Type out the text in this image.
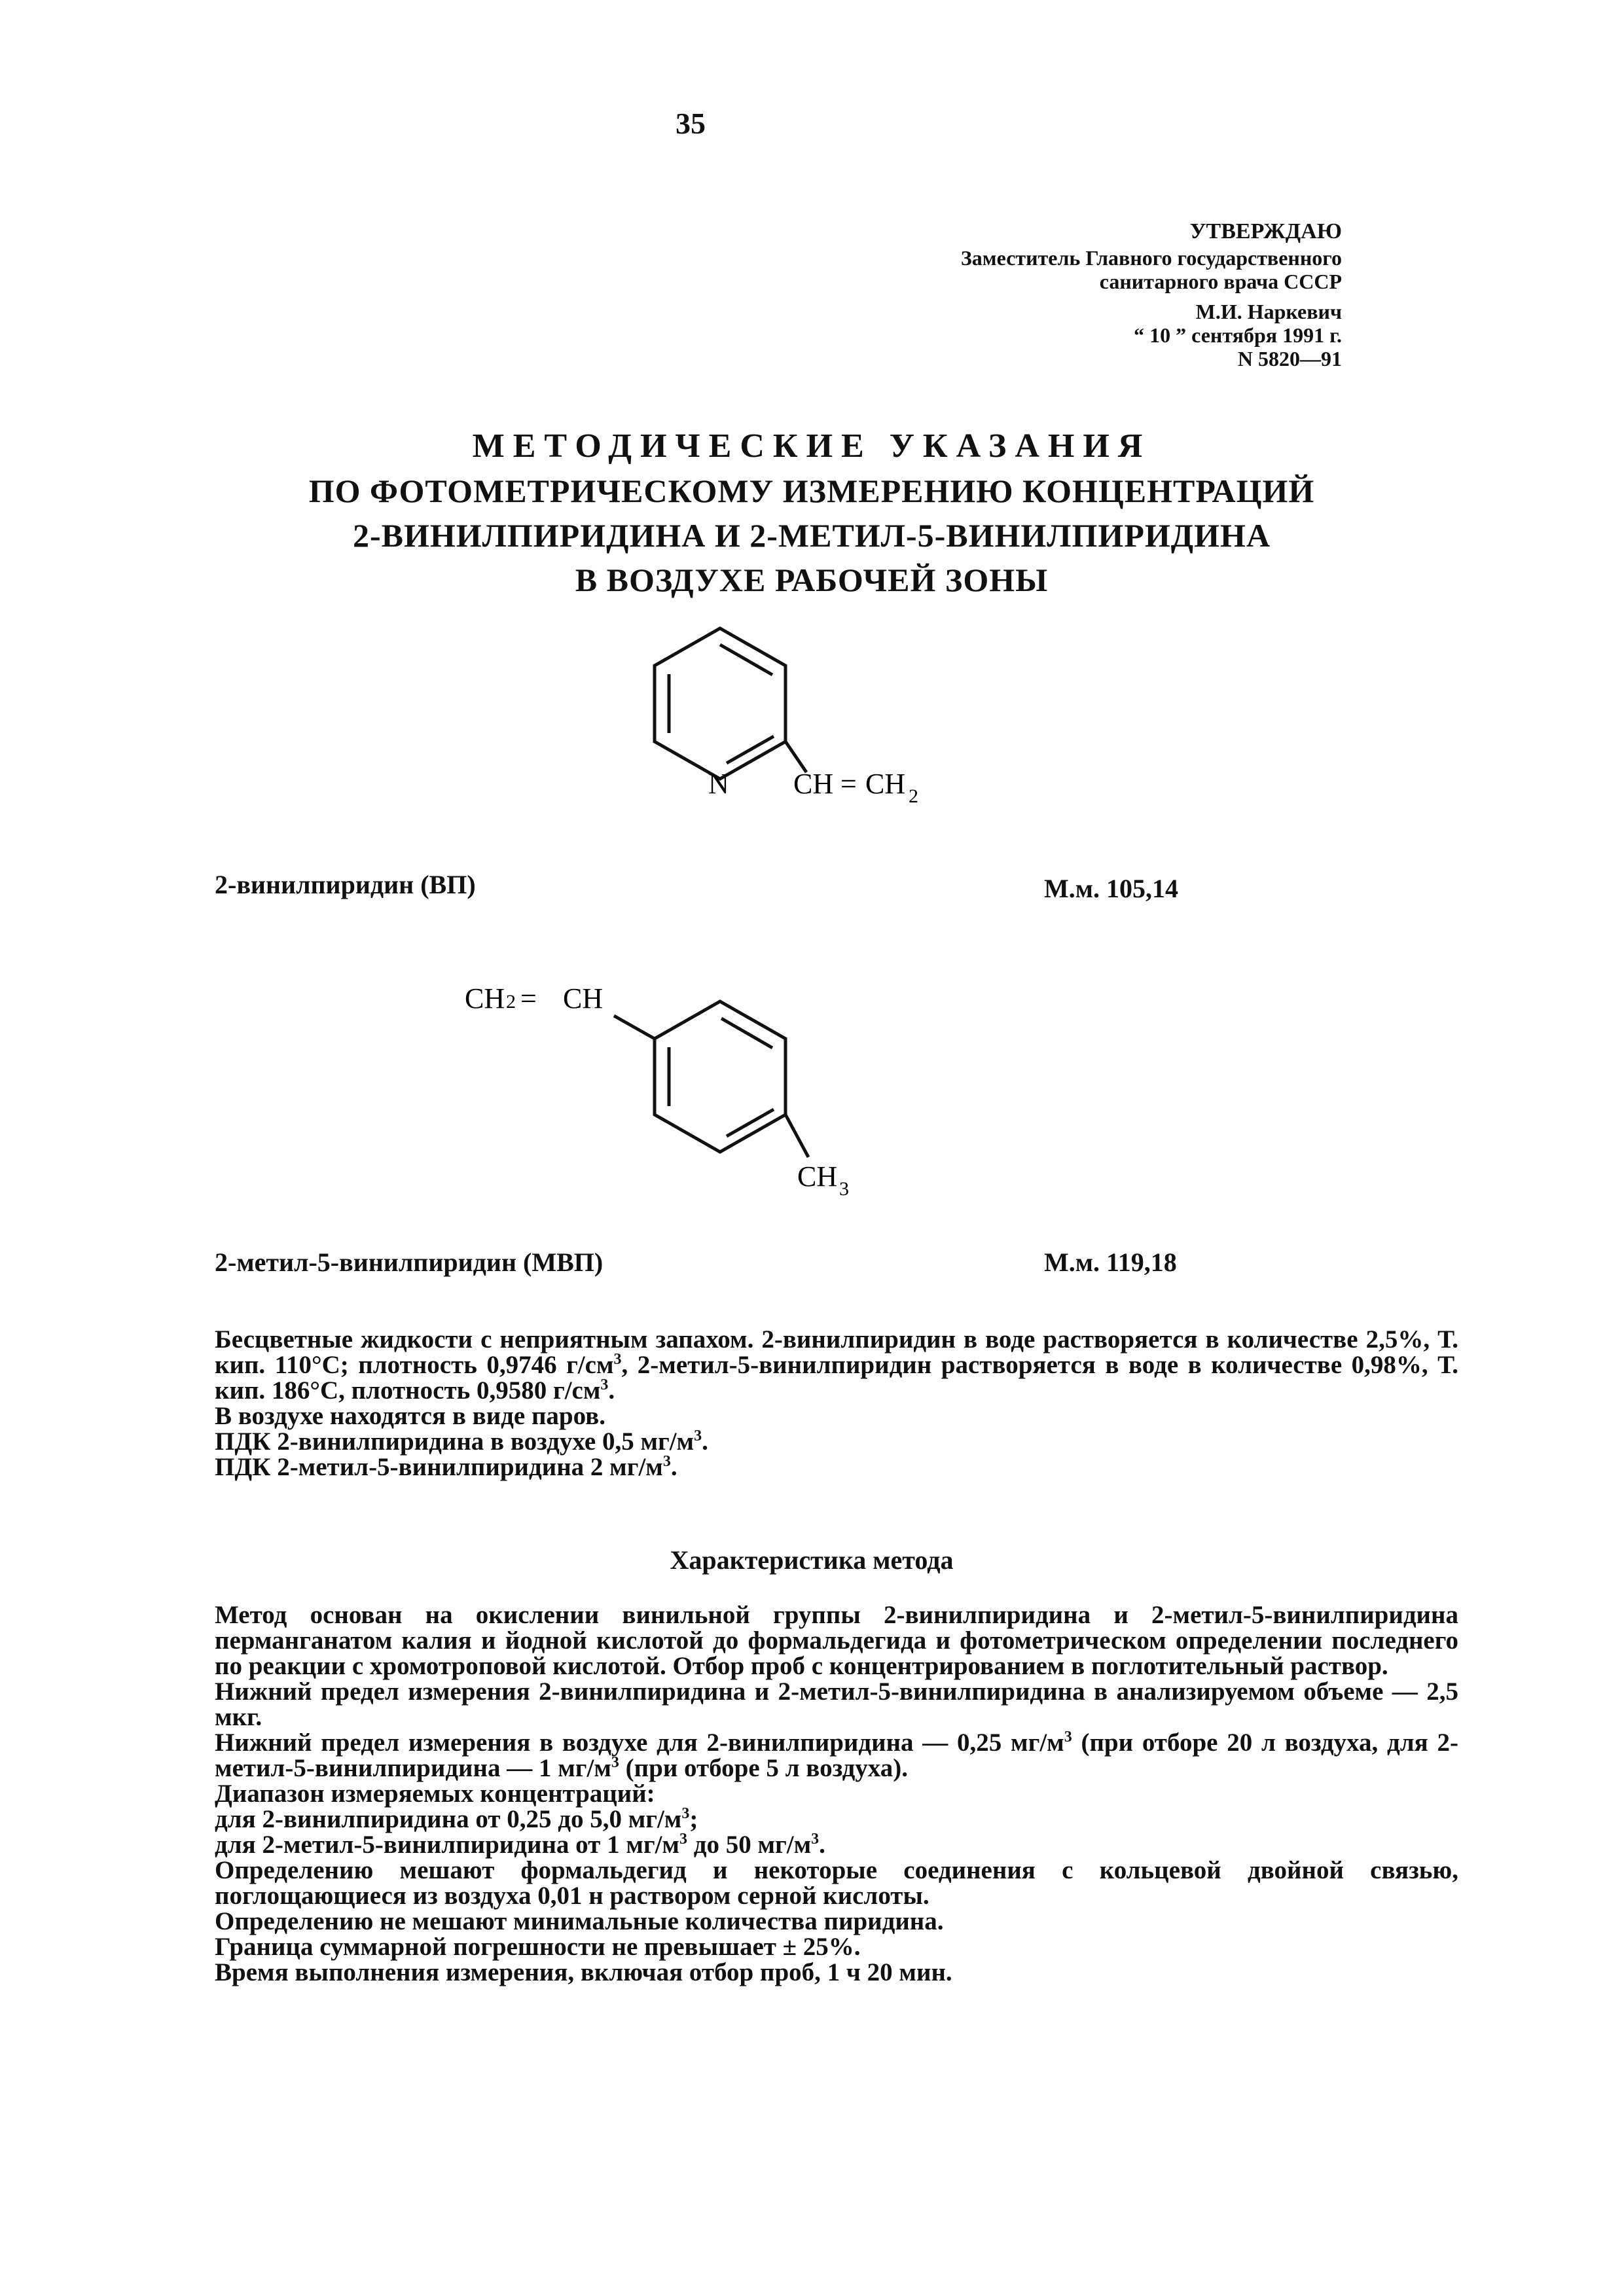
35
УТВЕРЖДАЮ
Заместитель Главного государственного
санитарного врача СССР
М.И. Наркевич
“ 10 ” сентября 1991 г.
N 5820—91
МЕТОДИЧЕСКИЕ УКАЗАНИЯ
ПО ФОТОМЕТРИЧЕСКОМУ ИЗМЕРЕНИЮ КОНЦЕНТРАЦИЙ
2-ВИНИЛПИРИДИНА И 2-МЕТИЛ-5-ВИНИЛПИРИДИНА
В ВОЗДУХЕ РАБОЧЕЙ ЗОНЫ
N CH = CH 2
CH 2 = CH
CH 3
2-винилпиридин (ВП)	М.м. 105,14
2-метил-5-винилпиридин (МВП)	М.м. 119,18

Бесцветные жидкости с неприятным запахом. 2-винилпиридин в воде растворяется в количестве 2,5%, Т. кип. 110°С; плотность 0,9746 $г/см^3$, 2-метил-5-винилпиридин растворяется в воде в количестве 0,98%, Т. кип. 186°С, плотность 0,9580 $г/см^3$.

В воздухе находятся в виде паров.

ПДК 2-винилпиридина в воздухе 0,5 $мг/м^3$.

ПДК 2-метил-5-винилпиридина 2 $мг/м^3$.

Характеристика метода

Метод основан на окислении винильной группы 2-винилпиридина и 2-метил-5-винилпиридина перманганатом калия и йодной кислотой до формальдегида и фотометрическом определении последнего по реакции с хромотроповой кислотой. Отбор проб с концентрированием в поглотительный раствор.

Нижний предел измерения 2-винилпиридина и 2-метил-5-винилпиридина в анализируемом объеме — 2,5 мкг.

Нижний предел измерения в воздухе для 2-винилпиридина — 0,25 $мг/м^3$ (при отборе 20 л воздуха, для 2-метил-5-винилпиридина — 1 $мг/м^3$ (при отборе 5 л воздуха).

Диапазон измеряемых концентраций:

для 2-винилпиридина от 0,25 до 5,0 $мг/м^3$;

для 2-метил-5-винилпиридина от 1 $мг/м^3$ до 50 $мг/м^3$.

Определению мешают формальдегид и некоторые соединения с кольцевой двойной связью, поглощающиеся из воздуха 0,01 н раствором серной кислоты.

Определению не мешают минимальные количества пиридина.

Граница суммарной погрешности не превышает ± 25%.

Время выполнения измерения, включая отбор проб, 1 ч 20 мин.
